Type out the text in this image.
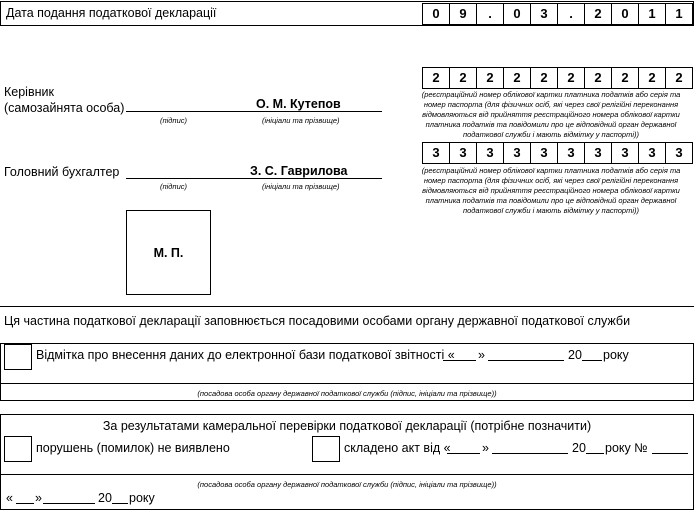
Дата подання податкової декларації	0	9	.	0	3	.	2	0	1	1
Керівник
(самозайнята особа)	О. М. Кутепов
(підпис)	(ініціали та прізвище)
2	2	2	2	2	2	2	2	2	2
(реєстраційний номер облікової картки платника податків або серія та номер паспорта (для фізичних осіб, які через свої релігійні переконання відмовляються від прийняття реєстраційного номера облікової картки платника податків та повідомили про це відповідний орган державної податкової служби і мають відмітку у паспорті))
Головний бухгалтер	З. С. Гаврилова
(підпис)	(ініціали та прізвище)
3	3	3	3	3	3	3	3	3	3
(реєстраційний номер облікової картки платника податків або серія та номер паспорта (для фізичних осіб, які через свої релігійні переконання відмовляються від прийняття реєстраційного номера облікової картки платника податків та повідомили про це відповідний орган державної податкової служби і мають відмітку у паспорті))
М. П.
Ця частина податкової декларації заповнюється посадовими особами органу державної податкової служби
Відмітка про внесення даних до електронної бази податкової звітності « »	20 року
(посадова особа органу державної податкової служби (підпис, ініціали та прізвище))
За результатами камеральної перевірки податкової декларації (потрібне позначити)
порушень (помилок) не виявлено	складено акт від «	»	20 року №
(посадова особа органу державної податкової служби (підпис, ініціали та прізвище))
« »	20 року
